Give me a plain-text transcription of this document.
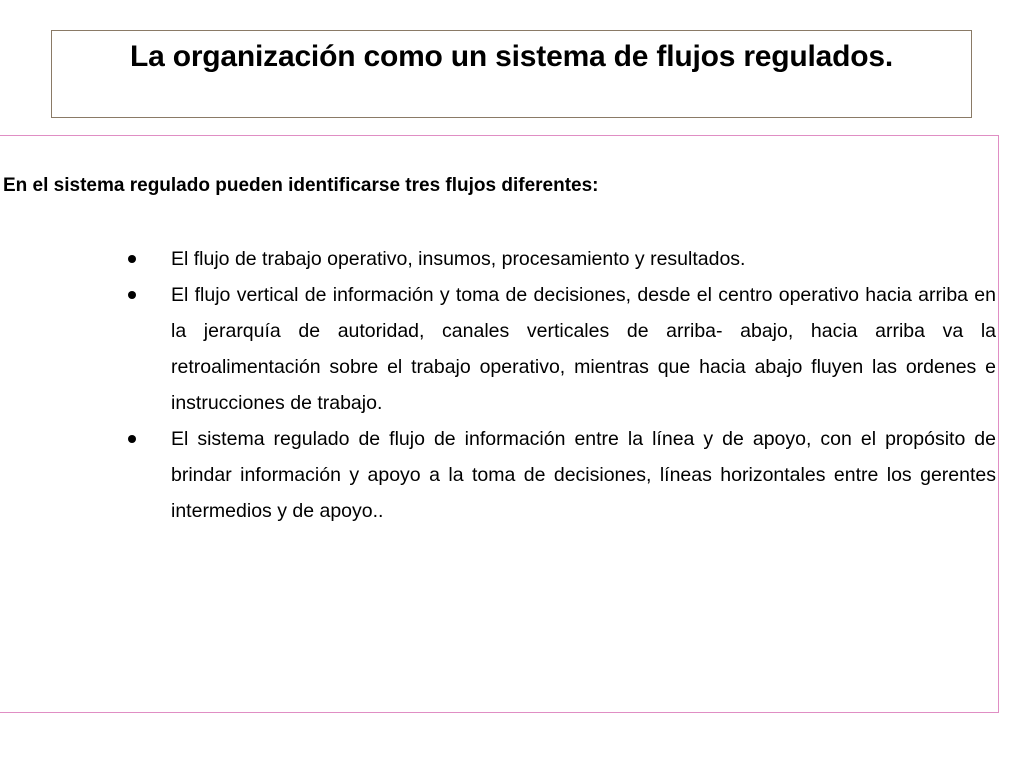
La organización como un sistema de flujos regulados.
En el sistema regulado pueden identificarse tres flujos diferentes:
El flujo de trabajo operativo, insumos, procesamiento y resultados.
El flujo vertical de información y toma de decisiones, desde el centro operativo hacia arriba en la jerarquía de autoridad, canales verticales de arriba- abajo, hacia arriba va la retroalimentación sobre el trabajo operativo, mientras que hacia abajo fluyen las ordenes e instrucciones de trabajo.
El sistema regulado de flujo de información entre la línea y de apoyo, con el propósito de brindar información y apoyo a la toma de decisiones, líneas horizontales entre los gerentes intermedios y de apoyo..
